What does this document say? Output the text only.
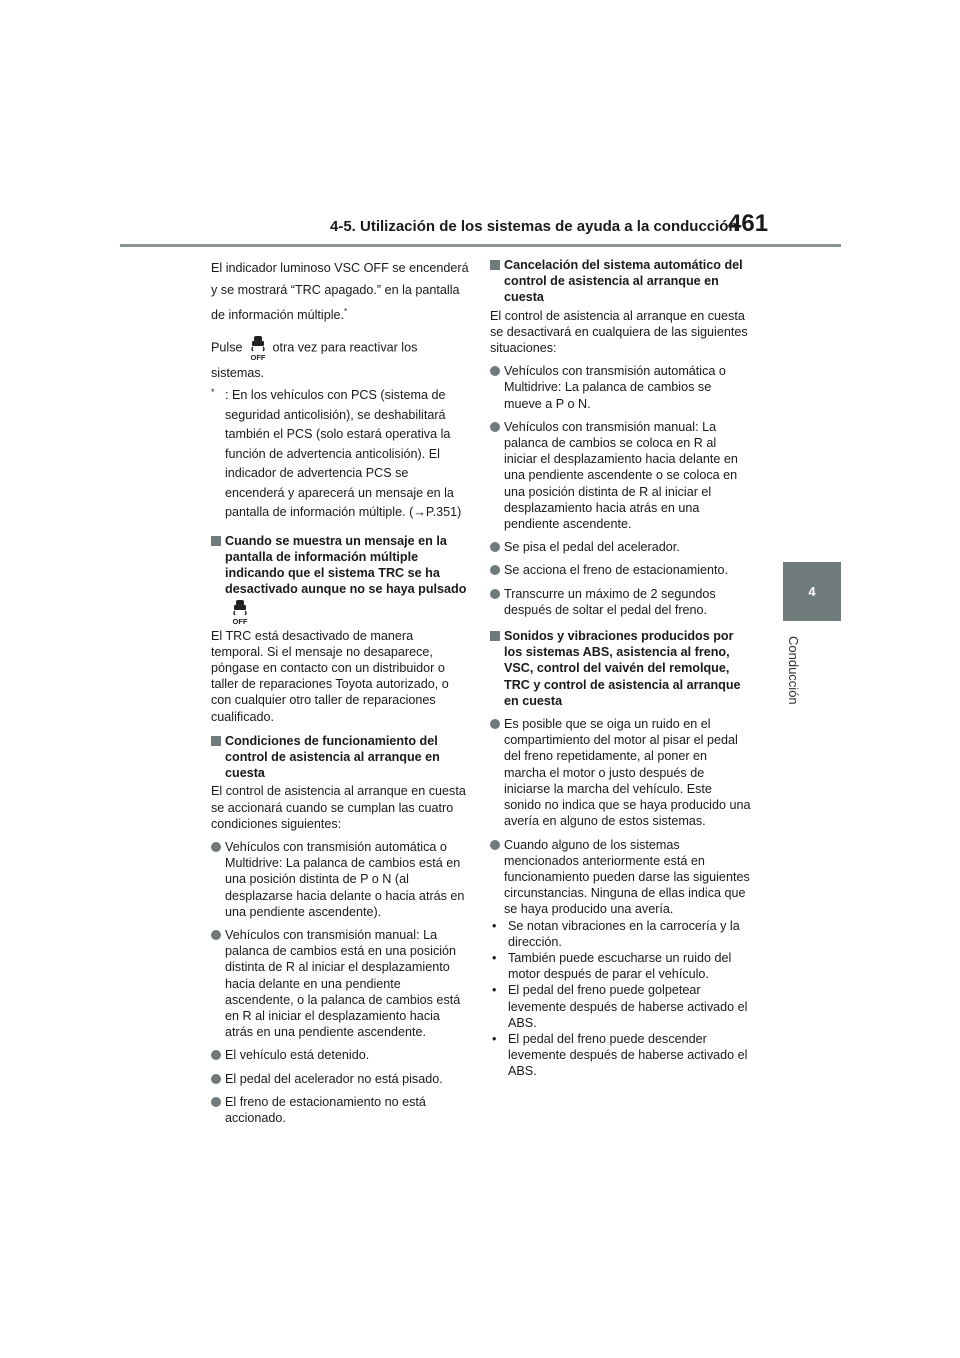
4-5. Utilización de los sistemas de ayuda a la conducción
461
4
Conducción

El indicador luminoso VSC OFF se encenderá y se mostrará “TRC apagado.” en la pantalla de información múltiple.*

Pulse otra vez para reactivar los sistemas.

* : En los vehículos con PCS (sistema de seguridad anticolisión), se deshabilitará también el PCS (solo estará operativa la función de advertencia anticolisión). El indicador de advertencia PCS se encenderá y aparecerá un mensaje en la pantalla de información múltiple. (→P.351)
Cuando se muestra un mensaje en la pantalla de información múltiple indicando que el sistema TRC se ha desactivado aunque no se haya pulsado

El TRC está desactivado de manera temporal. Si el mensaje no desaparece, póngase en contacto con un distribuidor o taller de reparaciones Toyota autorizado, o con cualquier otro taller de reparaciones cualificado.

Condiciones de funcionamiento del control de asistencia al arranque en cuesta

El control de asistencia al arranque en cuesta se accionará cuando se cumplan las cuatro condiciones siguientes:

Vehículos con transmisión automática o Multidrive: La palanca de cambios está en una posición distinta de P o N (al desplazarse hacia delante o hacia atrás en una pendiente ascendente).
Vehículos con transmisión manual: La palanca de cambios está en una posición distinta de R al iniciar el desplazamiento hacia delante en una pendiente ascendente, o la palanca de cambios está en R al iniciar el desplazamiento hacia atrás en una pendiente ascendente.
El vehículo está detenido.
El pedal del acelerador no está pisado.
El freno de estacionamiento no está accionado.
Cancelación del sistema automático del control de asistencia al arranque en cuesta

El control de asistencia al arranque en cuesta se desactivará en cualquiera de las siguientes situaciones:

Vehículos con transmisión automática o Multidrive: La palanca de cambios se mueve a P o N.
Vehículos con transmisión manual: La palanca de cambios se coloca en R al iniciar el desplazamiento hacia delante en una pendiente ascendente o se coloca en una posición distinta de R al iniciar el desplazamiento hacia atrás en una pendiente ascendente.
Se pisa el pedal del acelerador.
Se acciona el freno de estacionamiento.
Transcurre un máximo de 2 segundos después de soltar el pedal del freno.
Sonidos y vibraciones producidos por los sistemas ABS, asistencia al freno, VSC, control del vaivén del remolque, TRC y control de asistencia al arranque en cuesta
Es posible que se oiga un ruido en el compartimiento del motor al pisar el pedal del freno repetidamente, al poner en marcha el motor o justo después de iniciarse la marcha del vehículo. Este sonido no indica que se haya producido una avería en alguno de estos sistemas.
Cuando alguno de los sistemas mencionados anteriormente está en funcionamiento pueden darse las siguientes circunstancias. Ninguna de ellas indica que se haya producido una avería.
• Se notan vibraciones en la carrocería y la dirección.
• También puede escucharse un ruido del motor después de parar el vehículo.
• El pedal del freno puede golpetear levemente después de haberse activado el ABS.
• El pedal del freno puede descender levemente después de haberse activado el ABS.
